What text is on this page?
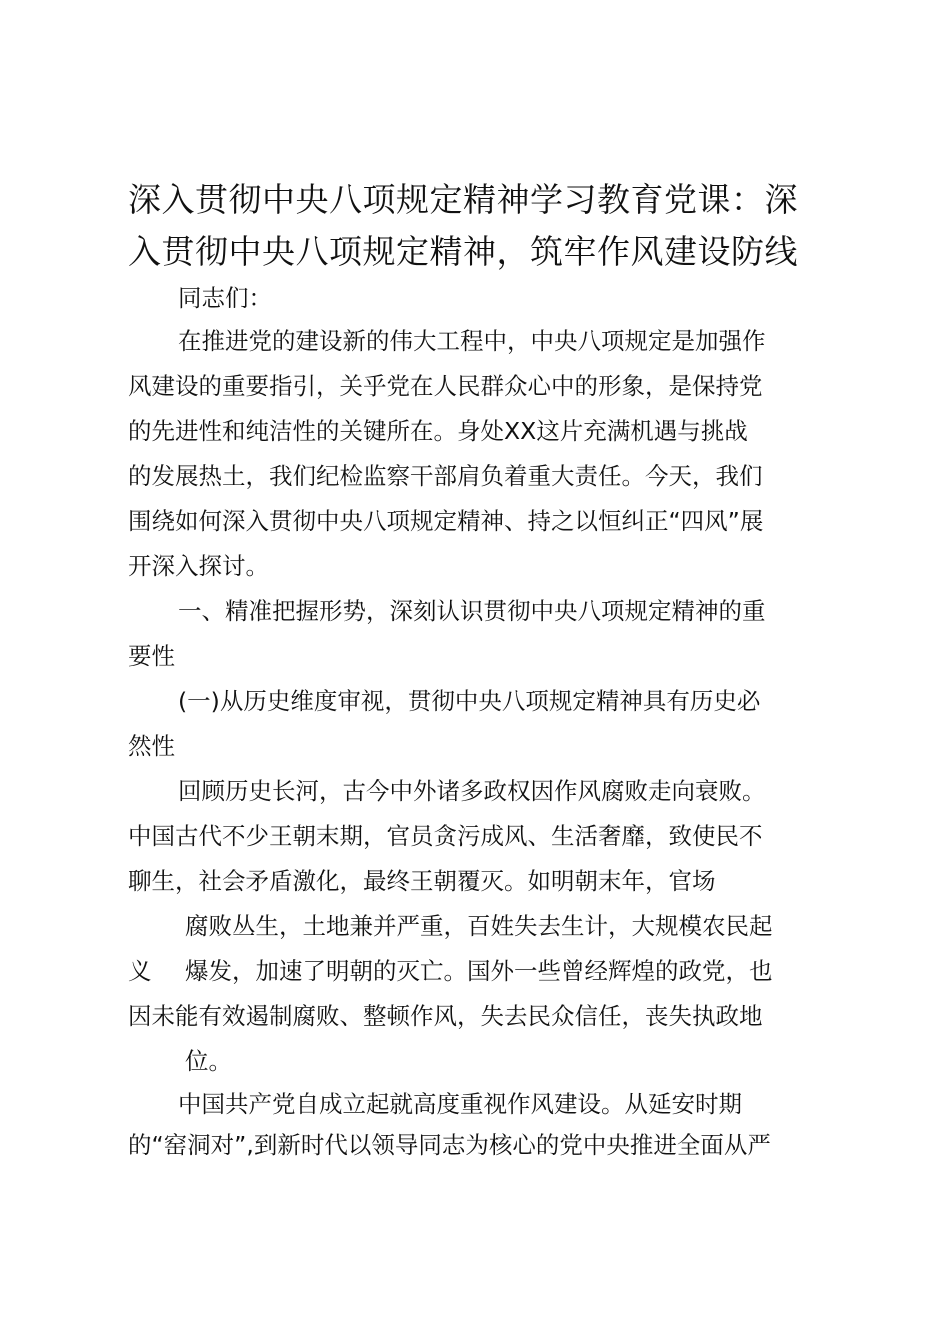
深入贯彻中央八项规定精神学习教育党课：深
入贯彻中央八项规定精神，筑牢作风建设防线

同志们：

在推进党的建设新的伟大工程中，中央八项规定是加强作

风建设的重要指引，关乎党在人民群众心中的形象，是保持党

的先进性和纯洁性的关键所在。身处XX这片充满机遇与挑战

的发展热土，我们纪检监察干部肩负着重大责任。今天，我们

围绕如何深入贯彻中央八项规定精神、持之以恒纠正“四风”展

开深入探讨。

一、精准把握形势，深刻认识贯彻中央八项规定精神的重

要性

(一)从历史维度审视，贯彻中央八项规定精神具有历史必

然性

回顾历史长河，古今中外诸多政权因作风腐败走向衰败。

中国古代不少王朝末期，官员贪污成风、生活奢靡，致使民不

聊生，社会矛盾激化，最终王朝覆灭。如明朝末年，官场

腐败丛生，土地兼并严重，百姓失去生计，大规模农民起

义 爆发，加速了明朝的灭亡。国外一些曾经辉煌的政党，也

因未能有效遏制腐败、整顿作风，失去民众信任，丧失执政地

位。

中国共产党自成立起就高度重视作风建设。从延安时期

的“窑洞对”,到新时代以领导同志为核心的党中央推进全面从严
